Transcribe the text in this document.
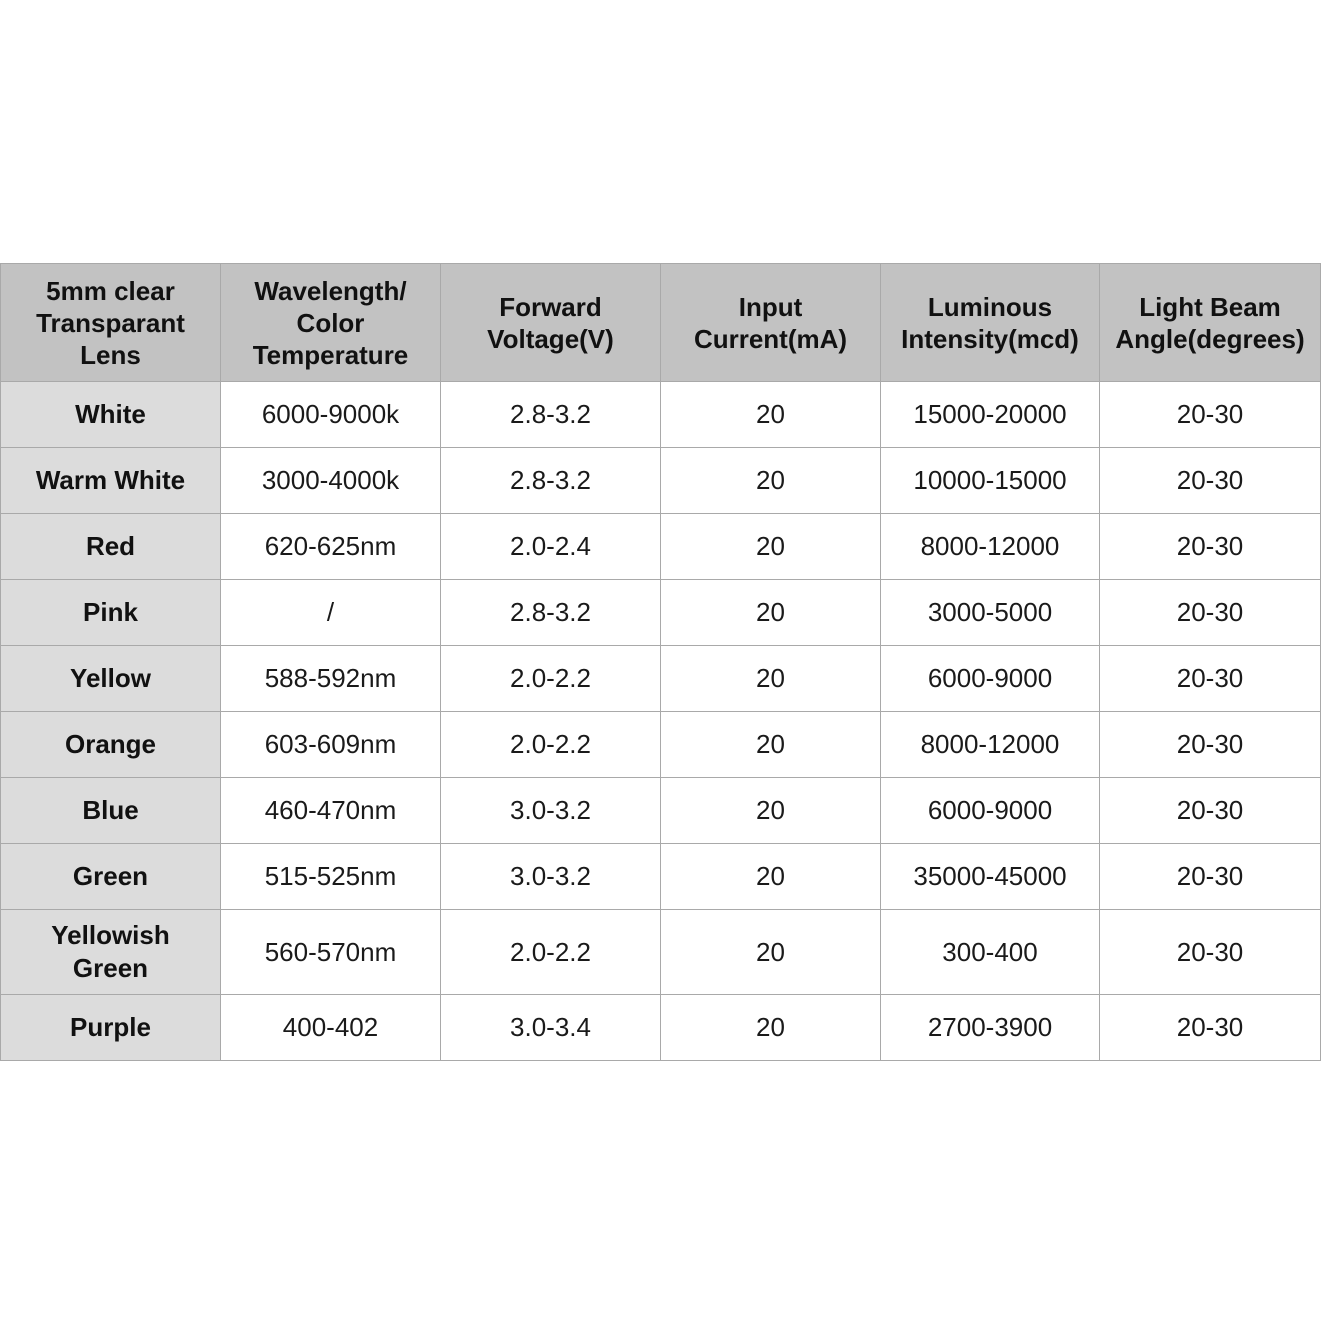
5mm clear
Transparant
Lens	Wavelength/
Color
Temperature	Forward
Voltage(V)	Input
Current(mA)	Luminous
Intensity(mcd)	Light Beam
Angle(degrees)

White	6000-9000k	2.8-3.2	20	15000-20000	20-30
Warm White	3000-4000k	2.8-3.2	20	10000-15000	20-30
Red	620-625nm	2.0-2.4	20	8000-12000	20-30
Pink	/	2.8-3.2	20	3000-5000	20-30
Yellow	588-592nm	2.0-2.2	20	6000-9000	20-30
Orange	603-609nm	2.0-2.2	20	8000-12000	20-30
Blue	460-470nm	3.0-3.2	20	6000-9000	20-30
Green	515-525nm	3.0-3.2	20	35000-45000	20-30

Yellowish
Green	560-570nm	2.0-2.2	20	300-400	20-30
Purple	400-402	3.0-3.4	20	2700-3900	20-30
